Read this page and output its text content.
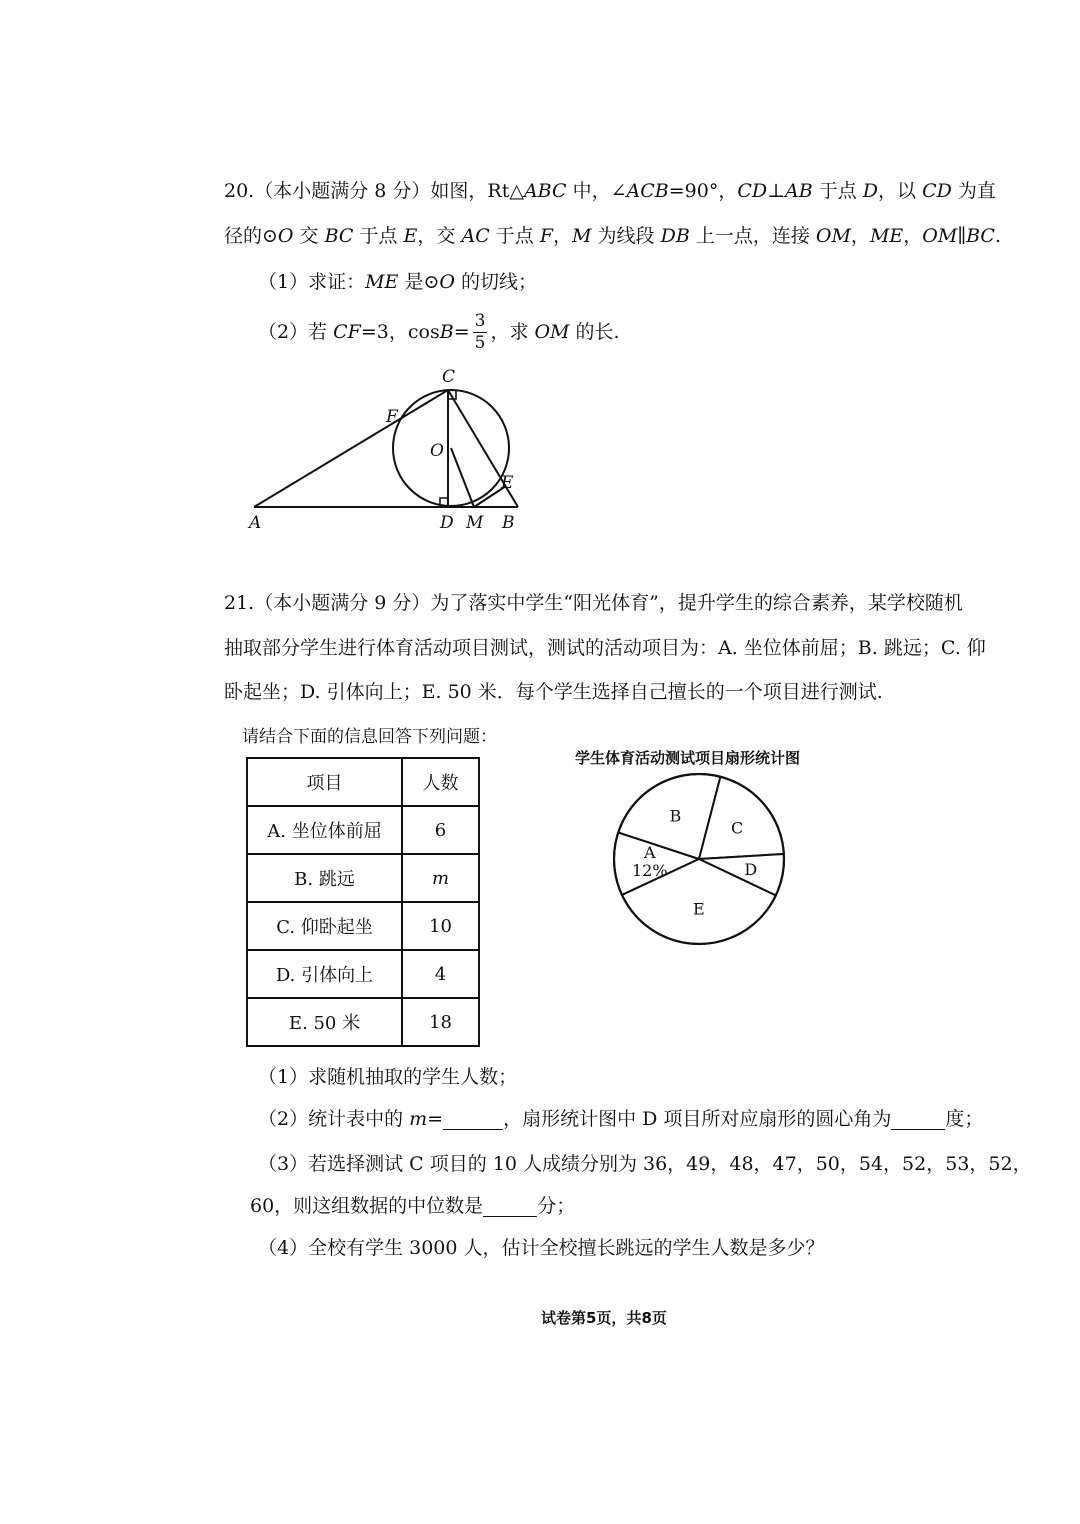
20.（本小题满分 8 分）如图，Rt△ABC 中，∠ACB=90°，CD⊥AB 于点 D，以 CD 为直
径的⊙O 交 BC 于点 E，交 AC 于点 F，M 为线段 DB 上一点，连接 OM，ME，OM∥BC.
（1）求证：ME 是⊙O 的切线；
（2）若 CF=3，$\cos B= \frac{3}{5}$ ，求 OM 的长.
C
F
O
E
A	D M B
21.（本小题满分 9 分）为了落实中学生“阳光体育”，提升学生的综合素养，某学校随机
抽取部分学生进行体育活动项目测试，测试的活动项目为：A. 坐位体前屈；B. 跳远；C. 仰
卧起坐；D. 引体向上；E. 50 米．每个学生选择自己擅长的一个项目进行测试.
请结合下面的信息回答下列问题：
项目	人数
A. 坐位体前屈	6
B. 跳远	m
C. 仰卧起坐	10
D. 引体向上	4
E. 50 米	18
学生体育活动测试项目扇形统计图
A
12%
B
C
D
E
（1）求随机抽取的学生人数；
（2）统计表中的 m=	，扇形统计图中 D 项目所对应扇形的圆心角为	度；
（3）若选择测试 C 项目的 10 人成绩分别为 36，49，48，47，50，54，52，53，52，
60，则这组数据的中位数是	分；
（4）全校有学生 3000 人，估计全校擅长跳远的学生人数是多少？
试卷第5页，共8页
